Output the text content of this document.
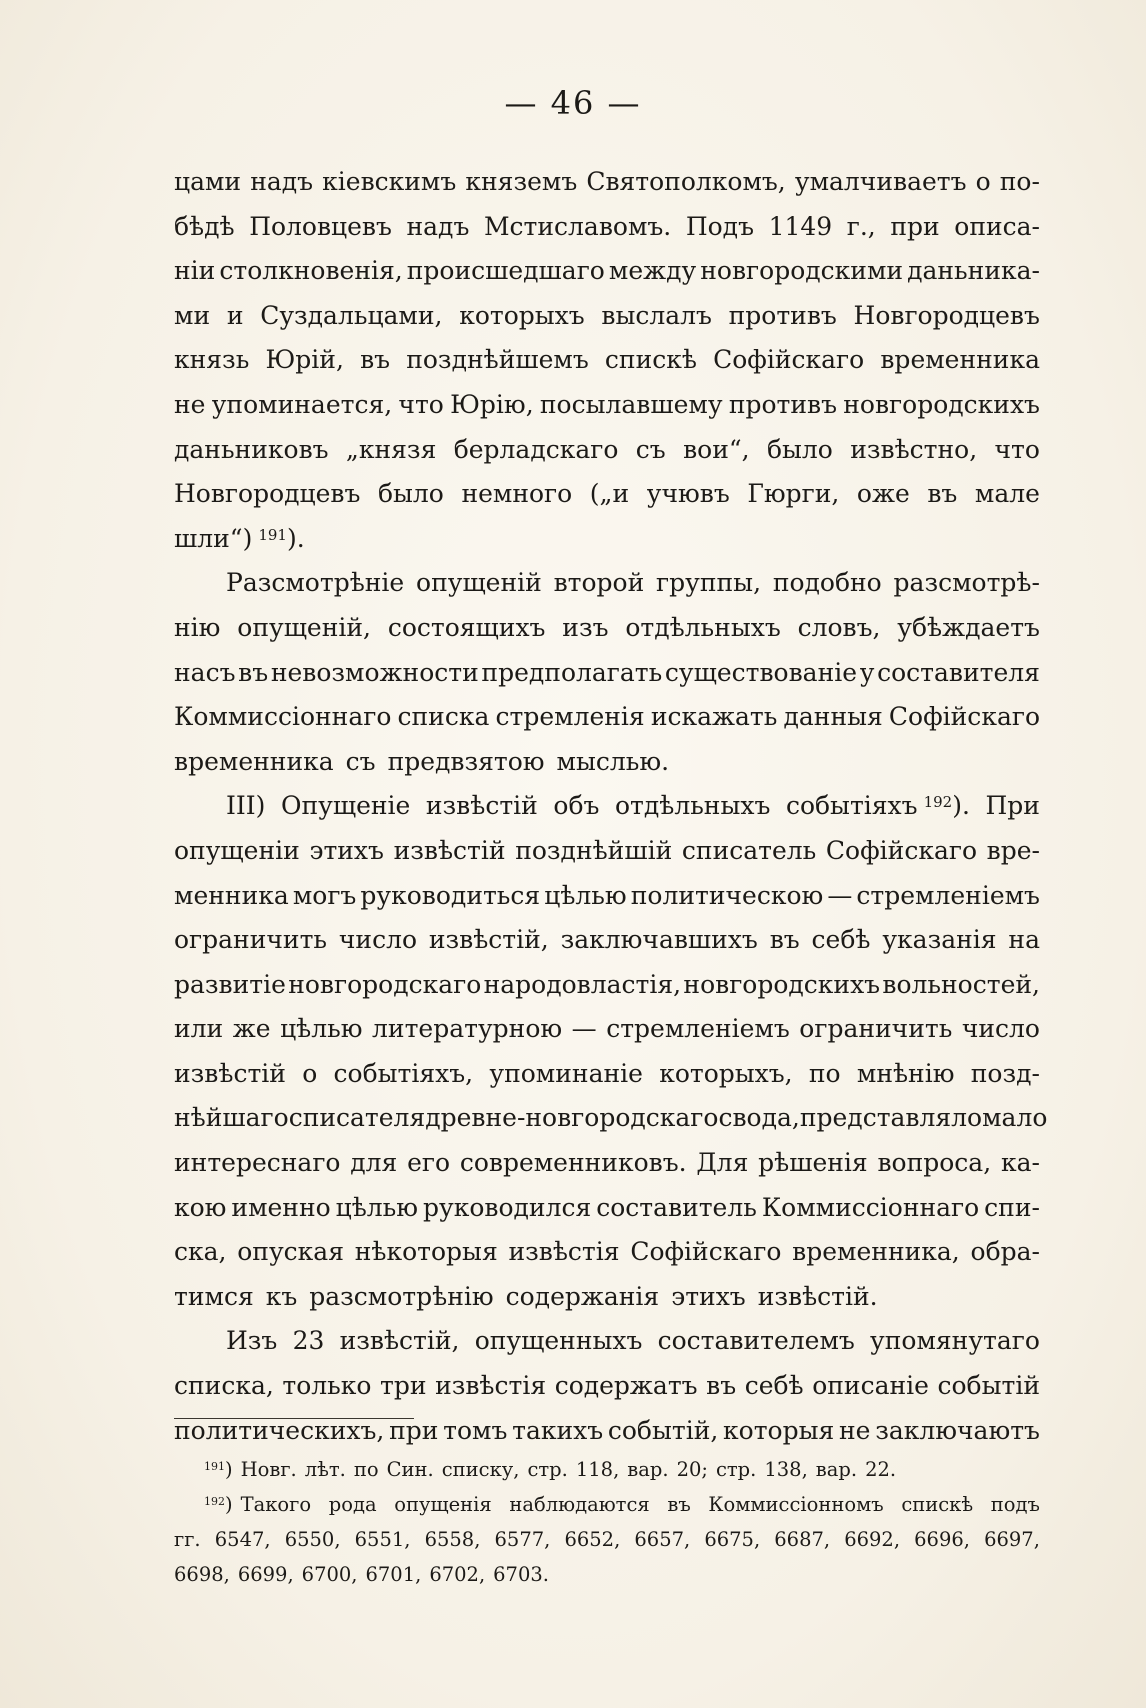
— 46 —
цами надъ кіевскимъ княземъ Святополкомъ, умалчиваетъ о по-
бѣдѣ Половцевъ надъ Мстиславомъ. Подъ 1149 г., при описа-
ніи столкновенія, происшедшаго между новгородскими даньника-
ми и Суздальцами, которыхъ выслалъ противъ Новгородцевъ
князь Юрій, въ позднѣйшемъ спискѣ Софійскаго временника
не упоминается, что Юрію, посылавшему противъ новгородскихъ
даньниковъ „князя берладскаго съ вои“, было извѣстно, что
Новгородцевъ было немного („и учювъ Гюрги, оже въ мале
шли“) $^{191}$).
Разсмотрѣніе опущеній второй группы, подобно разсмотрѣ-
нію опущеній, состоящихъ изъ отдѣльныхъ словъ, убѣждаетъ
насъ въ невозможности предполагать существованіе у составителя
Коммиссіоннаго списка стремленія искажать данныя Софійскаго
временника съ предвзятою мыслью.
III) Опущеніе извѣстій объ отдѣльныхъ событіяхъ $^{192}$). При
опущеніи этихъ извѣстій позднѣйшій списатель Софійскаго вре-
менника могъ руководиться цѣлью политическою — стремленіемъ
ограничить число извѣстій, заключавшихъ въ себѣ указанія на
развитіе новгородскаго народовластія, новгородскихъ вольностей,
или же цѣлью литературною — стремленіемъ ограничить число
извѣстій о событіяхъ, упоминаніе которыхъ, по мнѣнію позд-
нѣйшаго списателя древне-новгородскаго свода, представляло мало
интереснаго для его современниковъ. Для рѣшенія вопроса, ка-
кою именно цѣлью руководился составитель Коммиссіоннаго спи-
ска, опуская нѣкоторыя извѣстія Софійскаго временника, обра-
тимся къ разсмотрѣнію содержанія этихъ извѣстій.
Изъ 23 извѣстій, опущенныхъ составителемъ упомянутаго
списка, только три извѣстія содержатъ въ себѣ описаніе событій
политическихъ, при томъ такихъ событій, которыя не заключаютъ
$^{191}$) Новг. лѣт. по Син. списку, стр. 118, вар. 20; стр. 138, вар. 22.
$^{192}$) Такого рода опущенія наблюдаются въ Коммиссіонномъ спискѣ подъ
гг. 6547, 6550, 6551, 6558, 6577, 6652, 6657, 6675, 6687, 6692, 6696, 6697,
6698, 6699, 6700, 6701, 6702, 6703.
